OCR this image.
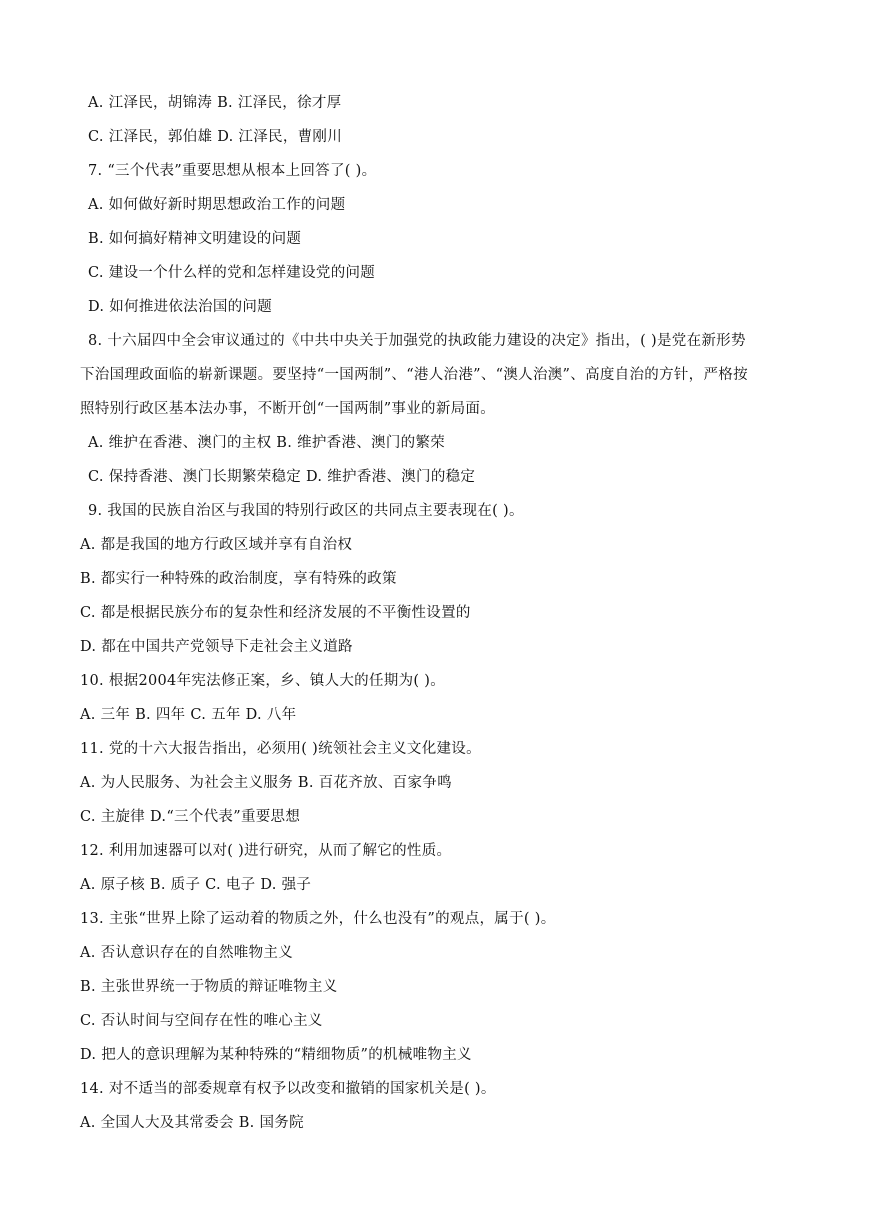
A. 江泽民，胡锦涛 B. 江泽民，徐才厚
C. 江泽民，郭伯雄 D. 江泽民，曹刚川
7. “三个代表”重要思想从根本上回答了( )。
A. 如何做好新时期思想政治工作的问题
B. 如何搞好精神文明建设的问题
C. 建设一个什么样的党和怎样建设党的问题
D. 如何推进依法治国的问题
8. 十六届四中全会审议通过的《中共中央关于加强党的执政能力建设的决定》指出，( )是党在新形势
下治国理政面临的崭新课题。要坚持“一国两制”、“港人治港”、“澳人治澳”、高度自治的方针，严格按
照特别行政区基本法办事，不断开创“一国两制”事业的新局面。
A. 维护在香港、澳门的主权 B. 维护香港、澳门的繁荣
C. 保持香港、澳门长期繁荣稳定 D. 维护香港、澳门的稳定
9. 我国的民族自治区与我国的特别行政区的共同点主要表现在( )。
A. 都是我国的地方行政区域并享有自治权
B. 都实行一种特殊的政治制度，享有特殊的政策
C. 都是根据民族分布的复杂性和经济发展的不平衡性设置的
D. 都在中国共产党领导下走社会主义道路
10. 根据2004年宪法修正案，乡、镇人大的任期为( )。
A. 三年 B. 四年 C. 五年 D. 八年
11. 党的十六大报告指出，必须用( )统领社会主义文化建设。
A. 为人民服务、为社会主义服务 B. 百花齐放、百家争鸣
C. 主旋律 D.“三个代表”重要思想
12. 利用加速器可以对( )进行研究，从而了解它的性质。
A. 原子核 B. 质子 C. 电子 D. 强子
13. 主张“世界上除了运动着的物质之外，什么也没有”的观点，属于( )。
A. 否认意识存在的自然唯物主义
B. 主张世界统一于物质的辩证唯物主义
C. 否认时间与空间存在性的唯心主义
D. 把人的意识理解为某种特殊的“精细物质”的机械唯物主义
14. 对不适当的部委规章有权予以改变和撤销的国家机关是( )。
A. 全国人大及其常委会 B. 国务院
